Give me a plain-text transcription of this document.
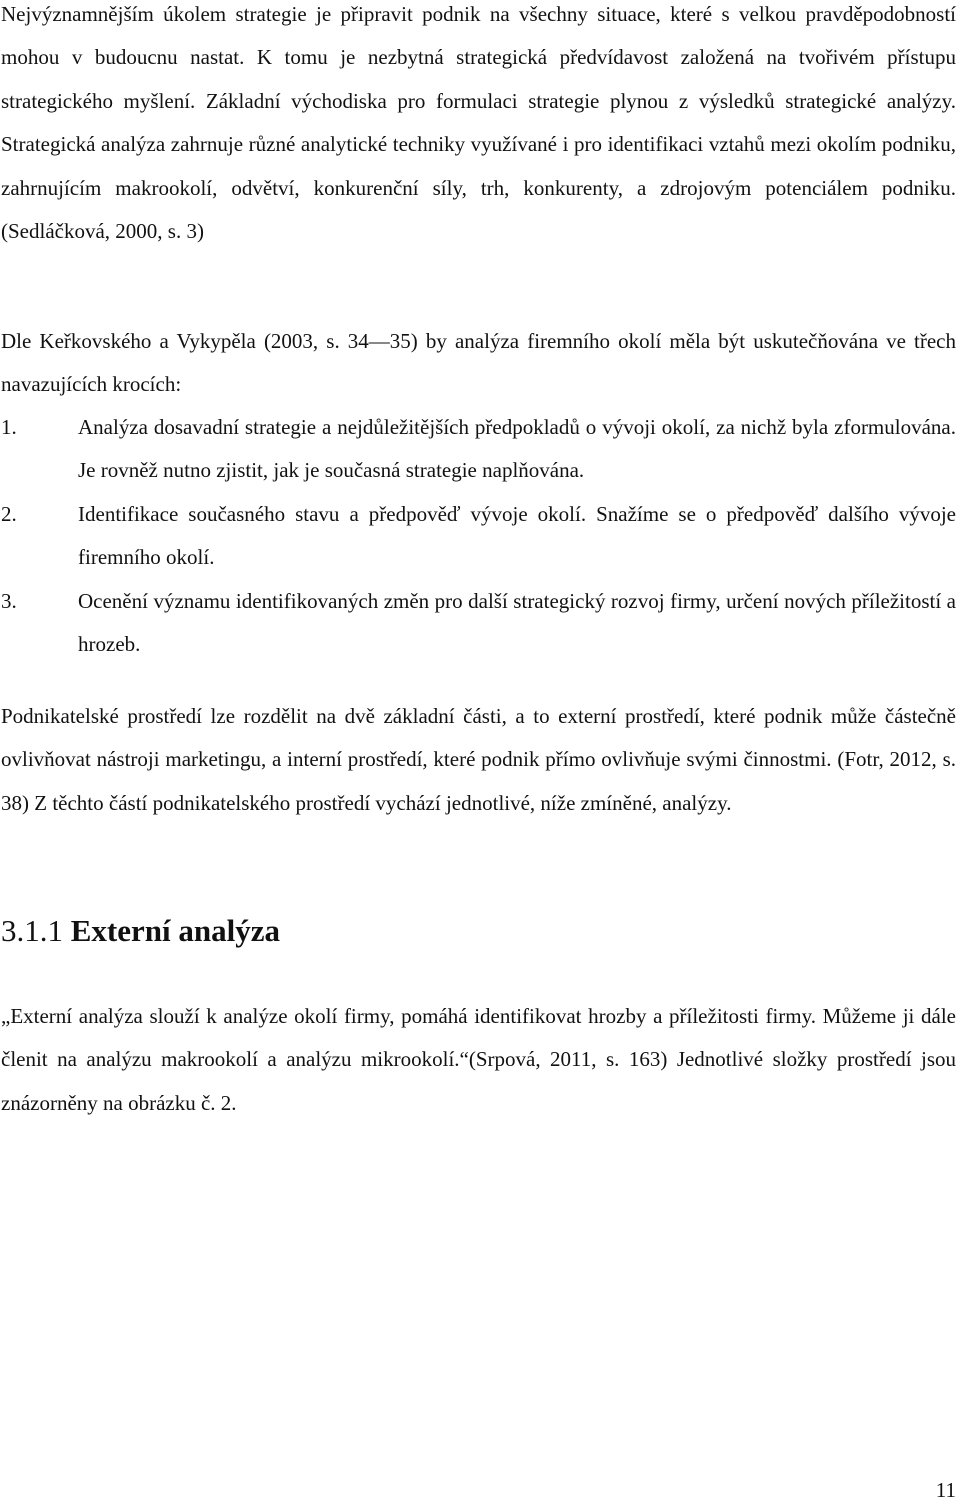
Nejvýznamnějším úkolem strategie je připravit podnik na všechny situace, které s velkou pravděpodobností mohou v budoucnu nastat. K tomu je nezbytná strategická předvídavost založená na tvořivém přístupu strategického myšlení. Základní východiska pro formulaci strategie plynou z výsledků strategické analýzy. Strategická analýza zahrnuje různé analytické techniky využívané i pro identifikaci vztahů mezi okolím podniku, zahrnujícím makrookolí, odvětví, konkurenční síly, trh, konkurenty, a zdrojovým potenciálem podniku. (Sedláčková, 2000, s. 3)

Dle Keřkovského a Vykypěla (2003, s. 34—35) by analýza firemního okolí měla být uskutečňována ve třech navazujících krocích:

1.	Analýza dosavadní strategie a nejdůležitějších předpokladů o vývoji okolí, za nichž byla zformulována. Je rovněž nutno zjistit, jak je současná strategie naplňována.
2.	Identifikace současného stavu a předpověď vývoje okolí. Snažíme se o předpověď dalšího vývoje firemního okolí.
3.	Ocenění významu identifikovaných změn pro další strategický rozvoj firmy, určení nových příležitostí a hrozeb.

Podnikatelské prostředí lze rozdělit na dvě základní části, a to externí prostředí, které podnik může částečně ovlivňovat nástroji marketingu, a interní prostředí, které podnik přímo ovlivňuje svými činnostmi. (Fotr, 2012, s. 38) Z těchto částí podnikatelského prostředí vychází jednotlivé, níže zmíněné, analýzy.

3.1.1 Externí analýza

„Externí analýza slouží k analýze okolí firmy, pomáhá identifikovat hrozby a příležitosti firmy. Můžeme ji dále členit na analýzu makrookolí a analýzu mikrookolí.“(Srpová, 2011, s. 163) Jednotlivé složky prostředí jsou znázorněny na obrázku č. 2.

11
